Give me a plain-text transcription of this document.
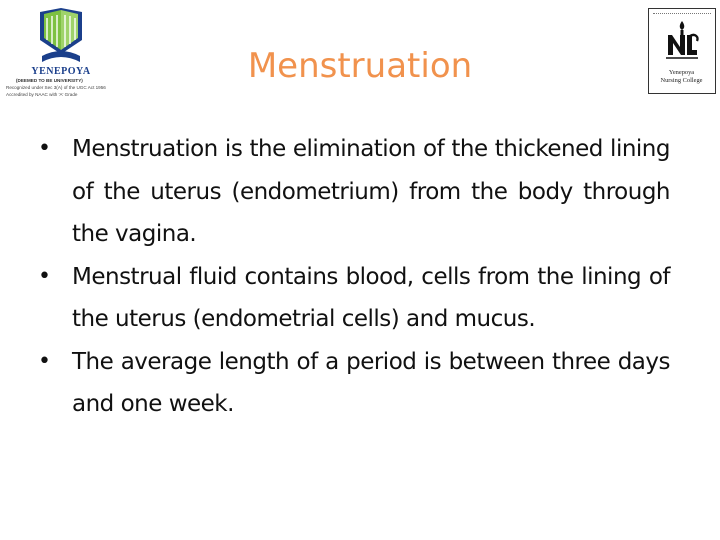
YENEPOYA
(DEEMED TO BE UNIVERSITY)
Recognized under Sec 3(A) of the UGC Act 1956
Accredited by NAAC with 'A' Grade
Yenepoya
Nursing College
Menstruation
• Menstruation is the elimination of the thickened lining of the uterus (endometrium) from the body through the vagina.
• Menstrual fluid contains blood, cells from the lining of the uterus (endometrial cells) and mucus.
• The average length of a period is between three days and one week.
